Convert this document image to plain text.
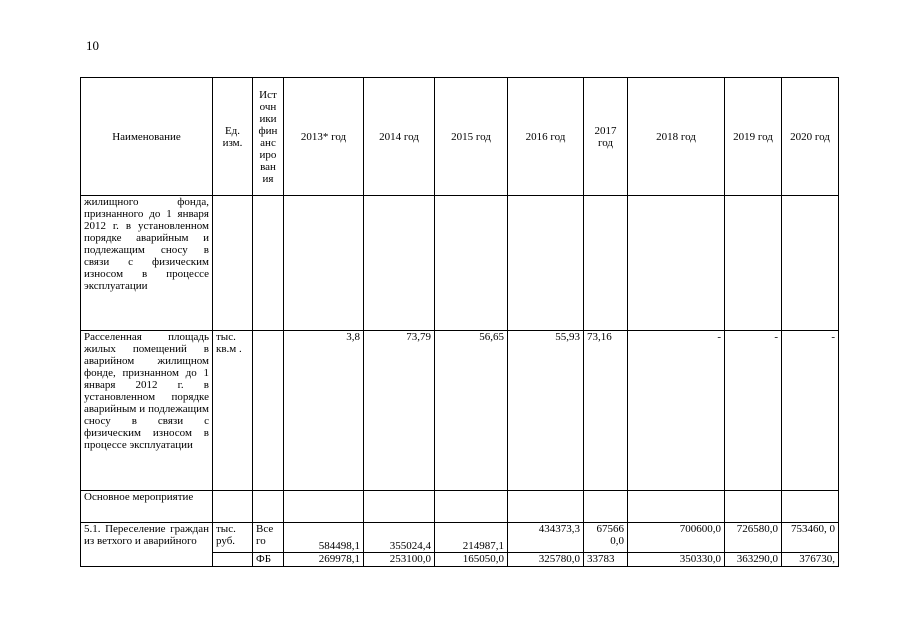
10
Наименование	Ед. изм.	Ист очн ики фин анс иро ван ия	2013* год	2014 год	2015 год	2016 год	2017 год	2018 год	2019 год	2020 год
жилищного фонда, признанного до 1 января 2012 г. в установленном порядке аварийным и подлежащим сносу в связи с физическим износом в процессе эксплуатации										
Расселенная площадь жилых помещений в аварийном жилищном фонде, признанном до 1 января 2012 г. в установленном порядке аварийным и подлежащим сносу в связи с физическим износом в процессе эксплуатации	тыс. кв.м .		3,8	73,79	56,65	55,93	73,16	-	-	-
Основное мероприятие										
5.1. Переселение граждан из ветхого и аварийного	тыс. руб.	Все го	584498,1	355024,4	214987,1	434373,3	67566 0,0	700600,0	726580,0	753460, 0
		ФБ	269978,1	253100,0	165050,0	325780,0	33783	350330,0	363290,0	376730,
